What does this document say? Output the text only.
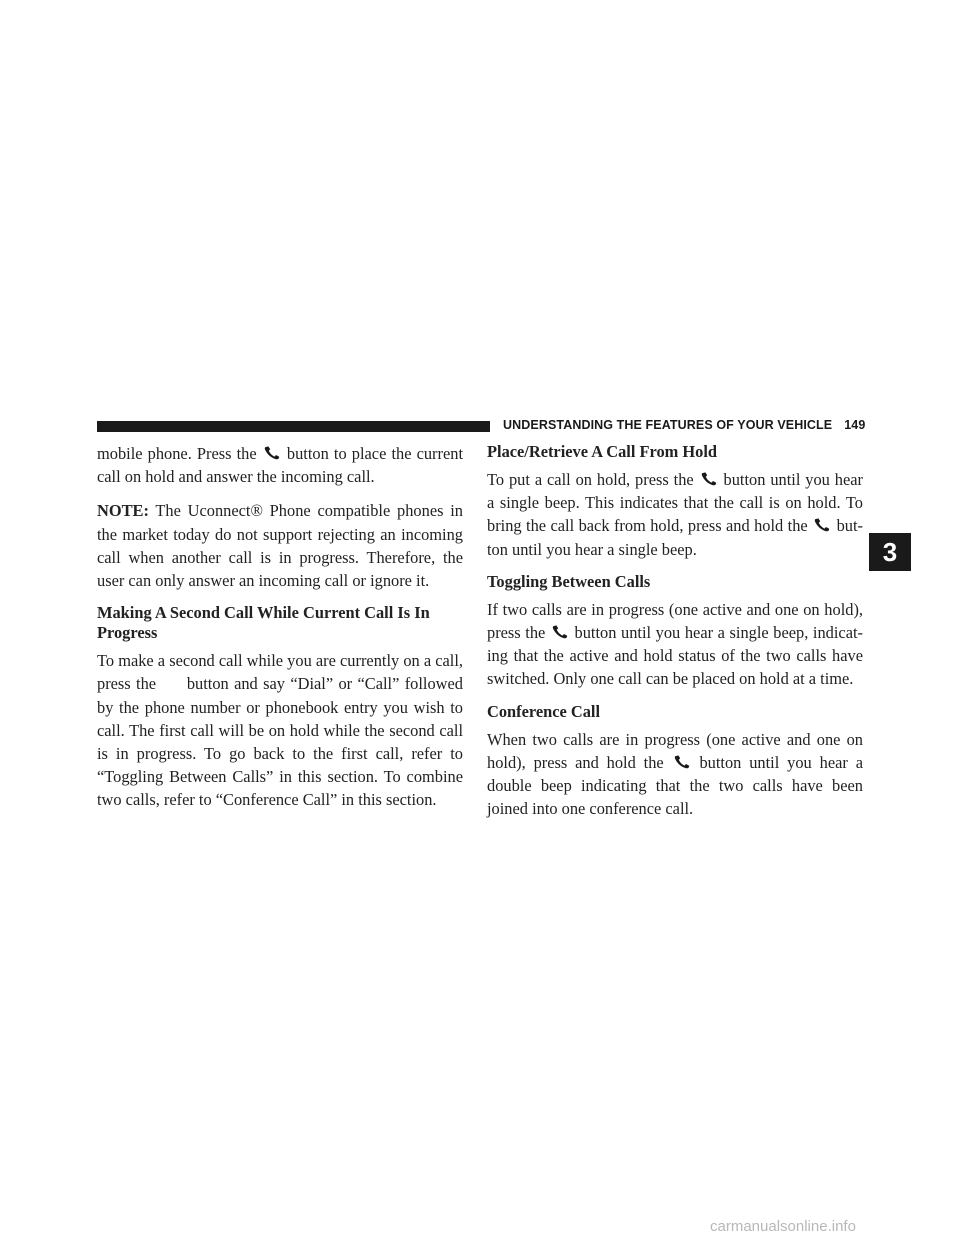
UNDERSTANDING THE FEATURES OF YOUR VEHICLE 149

mobile phone. Press the button to place the current call on hold and answer the incoming call.

NOTE: The Uconnect® Phone compatible phones in the market today do not support rejecting an incoming call when another call is in progress. Therefore, the user can only answer an incoming call or ignore it.

Making A Second Call While Current Call Is In Progress

To make a second call while you are currently on a call, press the button and say “Dial” or “Call” followed by the phone number or phonebook entry you wish to call. The first call will be on hold while the second call is in progress. To go back to the first call, refer to “Toggling Between Calls” in this section. To combine two calls, refer to “Conference Call” in this section.

Place/Retrieve A Call From Hold

To put a call on hold, press the button until you hear a single beep. This indicates that the call is on hold. To bring the call back from hold, press and hold the but-ton until you hear a single beep.

Toggling Between Calls

If two calls are in progress (one active and one on hold), press the button until you hear a single beep, indicat-ing that the active and hold status of the two calls have switched. Only one call can be placed on hold at a time.

Conference Call

When two calls are in progress (one active and one on hold), press and hold the button until you hear a double beep indicating that the two calls have been joined into one conference call.

3
carmanualsonline.info
